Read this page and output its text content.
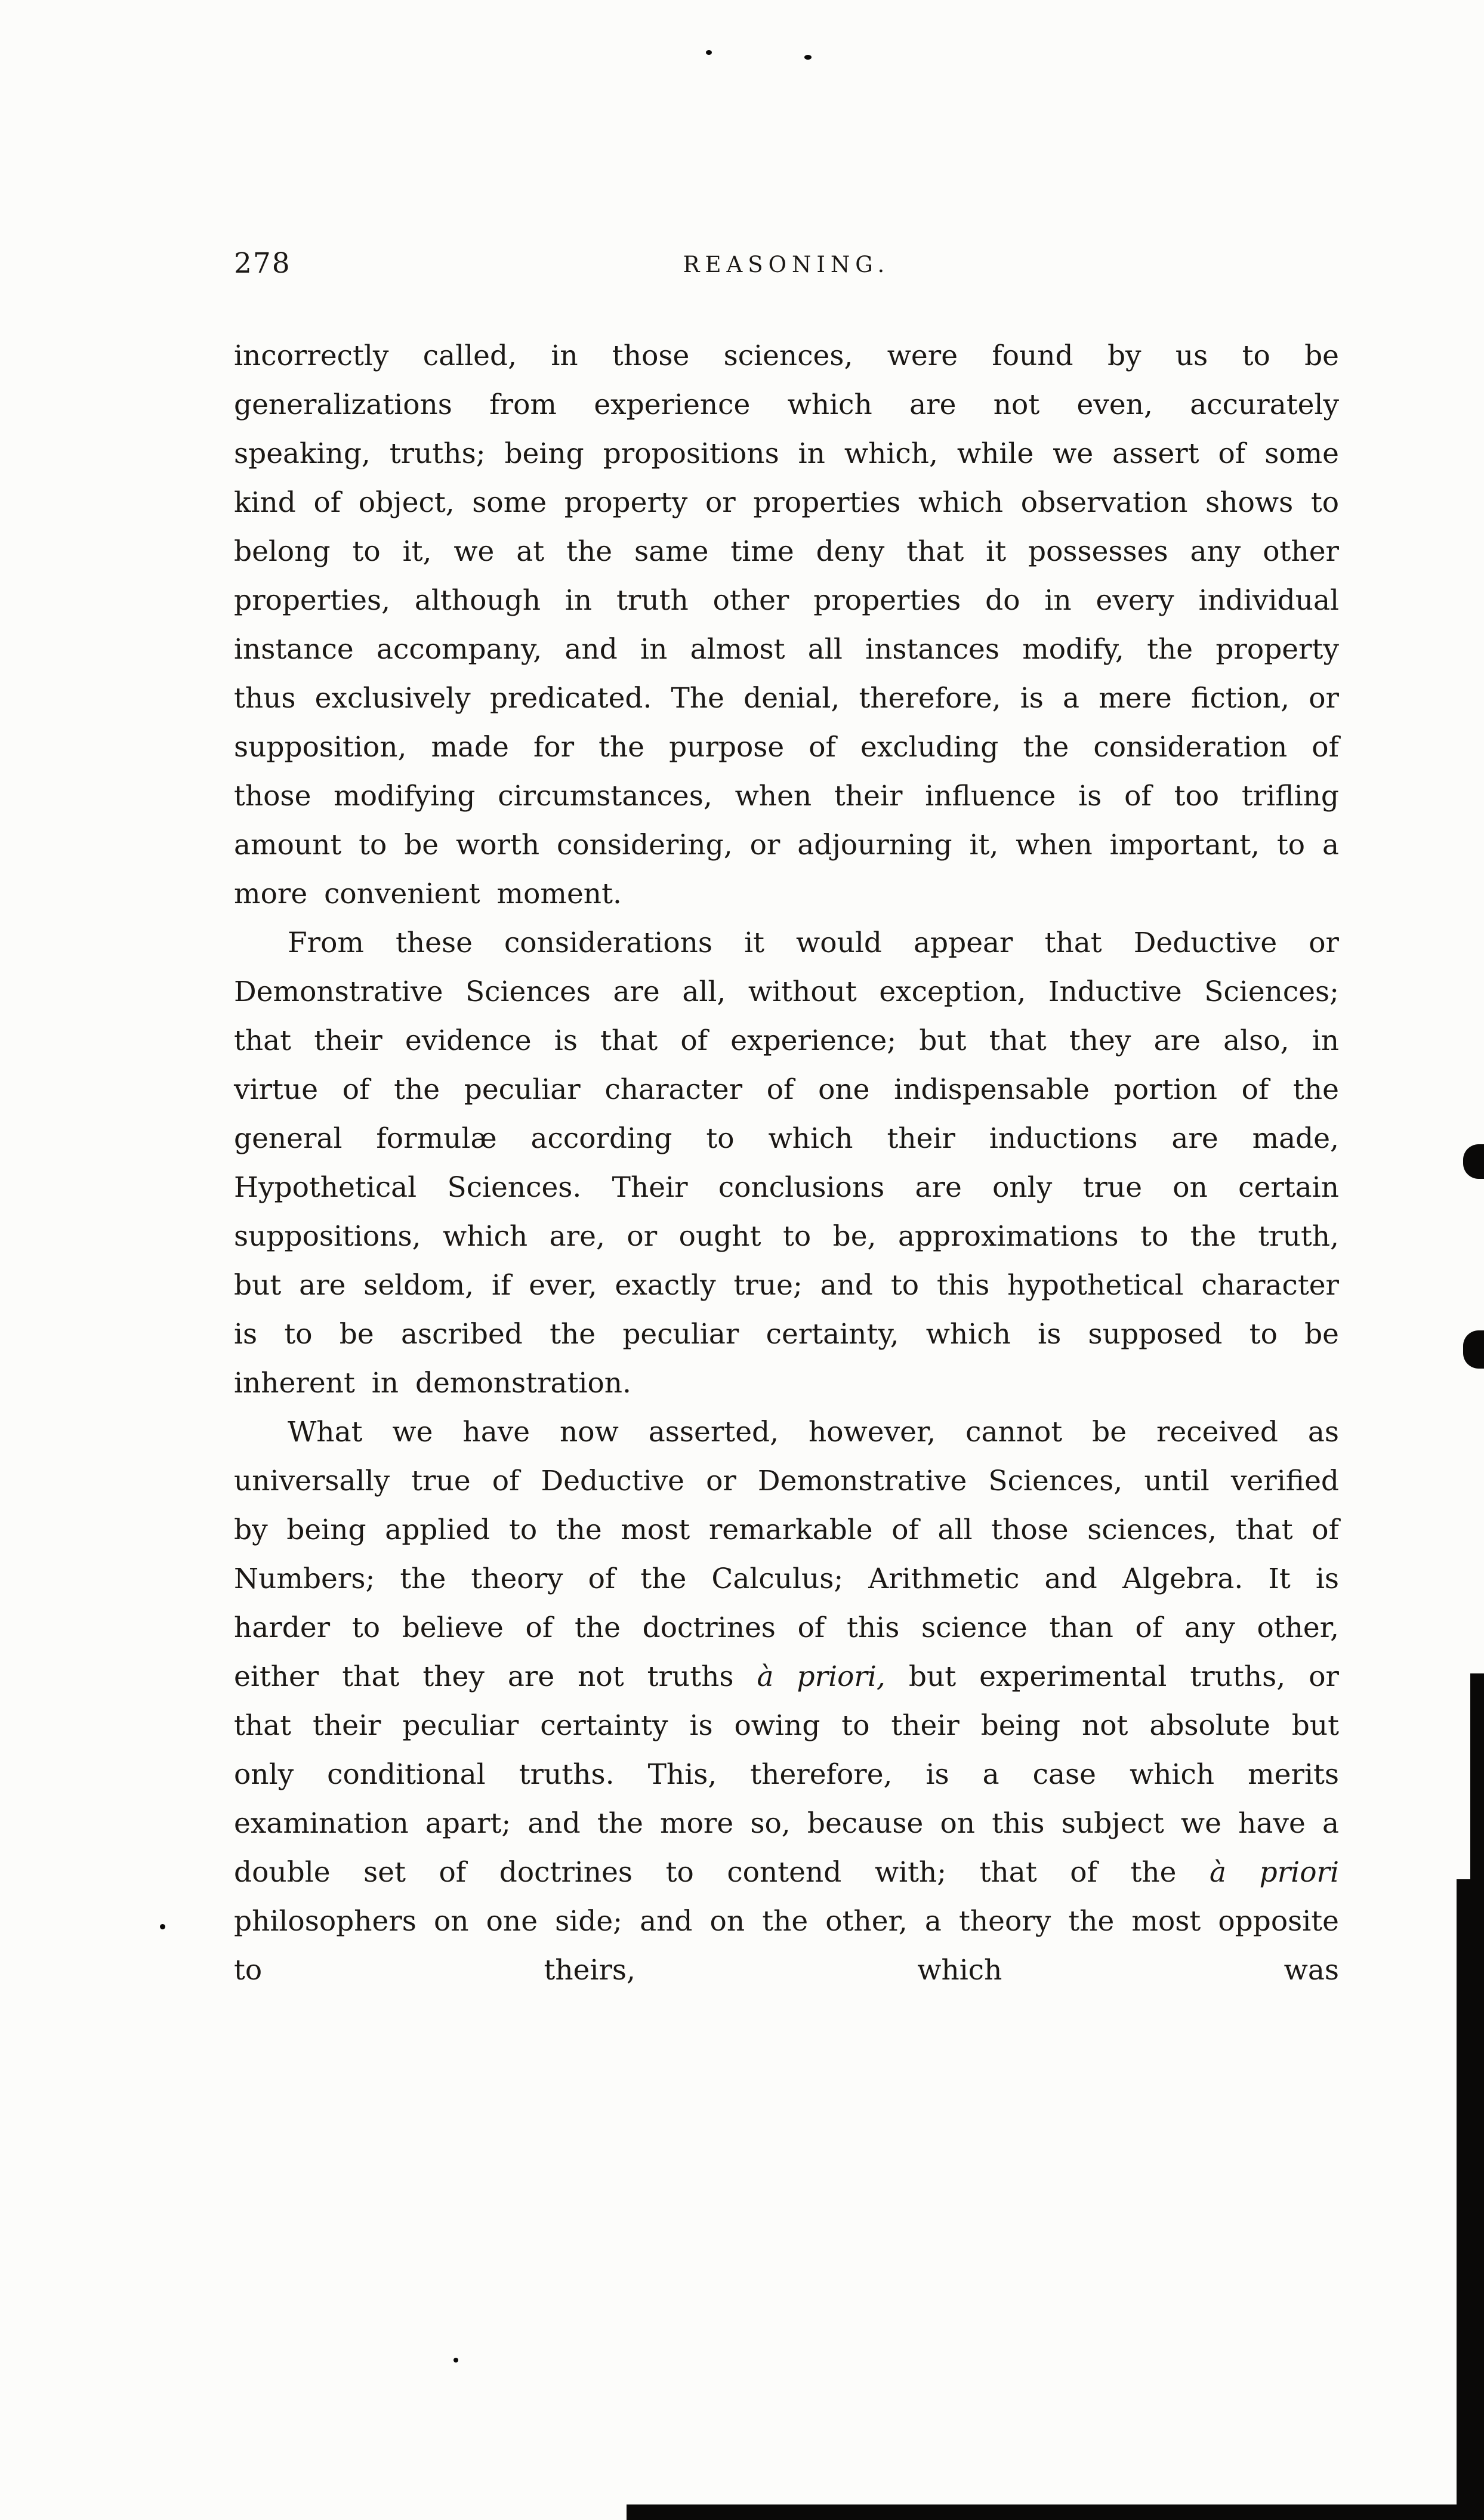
278	REASONING.

incorrectly called, in those sciences, were found by us to be generalizations from experience which are not even, accurately speaking, truths; being propositions in which, while we assert of some kind of object, some property or properties which observation shows to belong to it, we at the same time deny that it possesses any other properties, although in truth other properties do in every individual instance accompany, and in almost all instances modify, the property thus exclusively predicated. The denial, therefore, is a mere fiction, or supposition, made for the purpose of excluding the consideration of those modifying circumstances, when their influence is of too trifling amount to be worth considering, or adjourning it, when important, to a more convenient moment.

From these considerations it would appear that Deductive or Demonstrative Sciences are all, without exception, Inductive Sciences; that their evidence is that of experience; but that they are also, in virtue of the peculiar character of one indispensable portion of the general formulæ according to which their inductions are made, Hypothetical Sciences. Their conclusions are only true on certain suppositions, which are, or ought to be, approximations to the truth, but are seldom, if ever, exactly true; and to this hypothetical character is to be ascribed the peculiar certainty, which is supposed to be inherent in demonstration.

What we have now asserted, however, cannot be received as universally true of Deductive or Demonstrative Sciences, until verified by being applied to the most remarkable of all those sciences, that of Numbers; the theory of the Calculus; Arithmetic and Algebra. It is harder to believe of the doctrines of this science than of any other, either that they are not truths à priori, but experimental truths, or that their peculiar certainty is owing to their being not absolute but only conditional truths. This, therefore, is a case which merits examination apart; and the more so, because on this subject we have a double set of doctrines to contend with; that of the à priori philosophers on one side; and on the other, a theory the most opposite to theirs, which was
